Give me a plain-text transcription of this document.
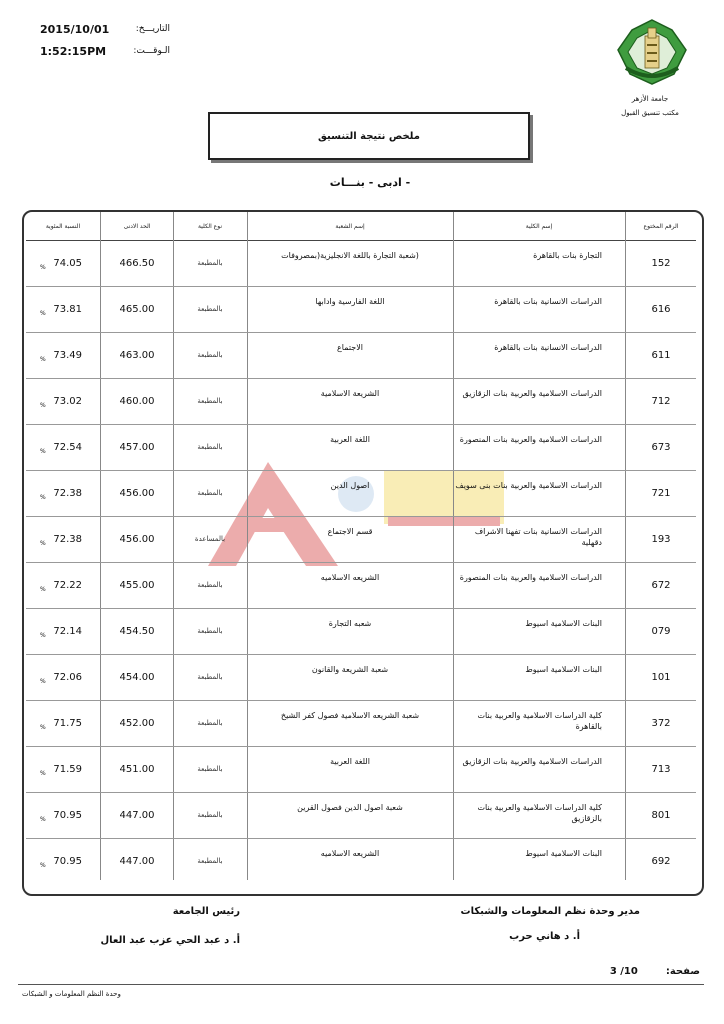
2015/10/01	التاريـــخ:
1:52:15PM	الـوقـــت:
جامعة الأزهر
مكتب تنسيق القبول
ملخص نتيجة التنسيق
- ادبى - بنـــات
الرقم المختوع
إسم الكلية
إسم الشعبة
نوع الكلية
الحد الادنى
النسبة المئوية
152
التجارة بنات بالقاهرة
(شعبة التجارة باللغة الانجليزية(بمصروفات
بالمطبعة
466.50
74.05
%
616
الدراسات الانسانية بنات بالقاهرة
اللغة الفارسية وادابها
بالمطبعة
465.00
73.81
%
611
الدراسات الانسانية بنات بالقاهرة
الاجتماع
بالمطبعة
463.00
73.49
%
712
الدراسات الاسلامية والعربية بنات الزقازيق
الشريعة الاسلامية
بالمطبعة
460.00
73.02
%
673
الدراسات الاسلامية والعربية بنات المنصورة
اللغة العربية
بالمطبعة
457.00
72.54
%
721
الدراسات الاسلامية والعربية بنات بنى سويف
اصول الدين
بالمطبعة
456.00
72.38
%
193
الدراسات الانسانية بنات تفهنا الاشراف دقهلية
قسم الاجتماع
بالمساعدة
456.00
72.38
%
672
الدراسات الاسلامية والعربية بنات المنصورة
الشريعه الاسلاميه
بالمطبعة
455.00
72.22
%
079
البنات الاسلامية اسيوط
شعبه التجارة
بالمطبعة
454.50
72.14
%
101
البنات الاسلامية اسيوط
شعبة الشريعة والقانون
بالمطبعة
454.00
72.06
%
372
كلية الدراسات الاسلامية والعربية بنات بالقاهرة
شعبة الشريعه الاسلامية فصول كفر الشيخ
بالمطبعة
452.00
71.75
%
713
الدراسات الاسلامية والعربية بنات الزقازيق
اللغة العربية
بالمطبعة
451.00
71.59
%
801
كلية الدراسات الاسلامية والعربية بنات بالزقازيق
شعبة اصول الدين فصول القرين
بالمطبعة
447.00
70.95
%
692
البنات الاسلامية اسيوط
الشريعه الاسلاميه
بالمطبعة
447.00
70.95
%
مدير وحدة نظم المعلومات والشبكات
أ. د هاني حرب
رئيس الجامعة
أ. د عبد الحي عزب عبد العال
صفحة:
3 /10
وحدة النظم المعلومات و الشبكات
